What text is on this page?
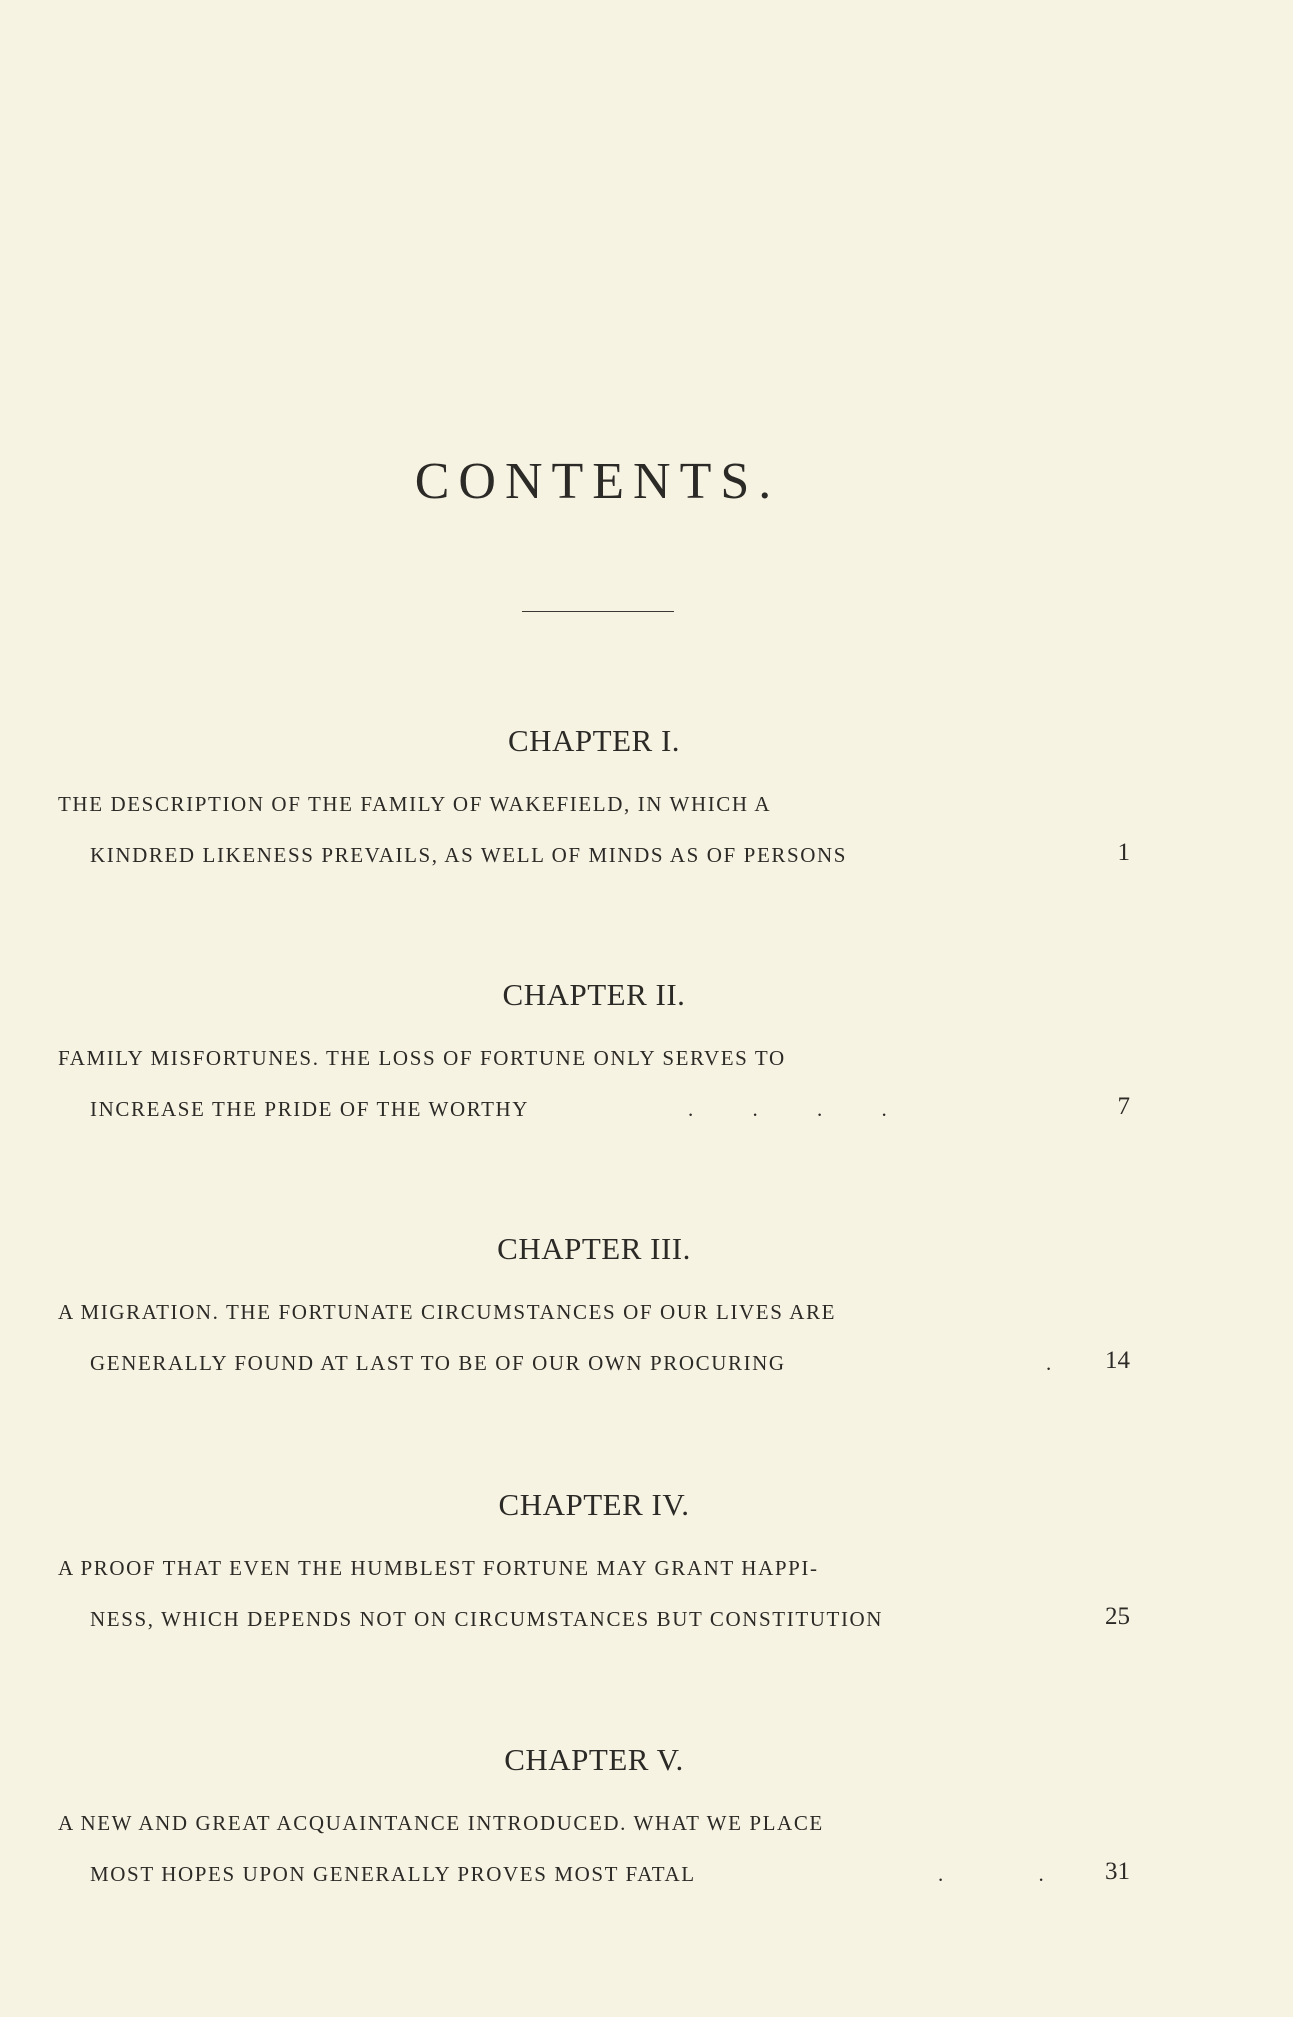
CONTENTS.
CHAPTER I.
THE DESCRIPTION OF THE FAMILY OF WAKEFIELD, IN WHICH A
KINDRED LIKENESS PREVAILS, AS WELL OF MINDS AS OF PERSONS	1
CHAPTER II.
FAMILY MISFORTUNES. THE LOSS OF FORTUNE ONLY SERVES TO
INCREASE THE PRIDE OF THE WORTHY	. . . .	7
CHAPTER III.
A MIGRATION. THE FORTUNATE CIRCUMSTANCES OF OUR LIVES ARE
GENERALLY FOUND AT LAST TO BE OF OUR OWN PROCURING	. 14
CHAPTER IV.
A PROOF THAT EVEN THE HUMBLEST FORTUNE MAY GRANT HAPPI-
NESS, WHICH DEPENDS NOT ON CIRCUMSTANCES BUT CONSTITUTION	25
CHAPTER V.
A NEW AND GREAT ACQUAINTANCE INTRODUCED. WHAT WE PLACE
MOST HOPES UPON GENERALLY PROVES MOST FATAL	. . 31
